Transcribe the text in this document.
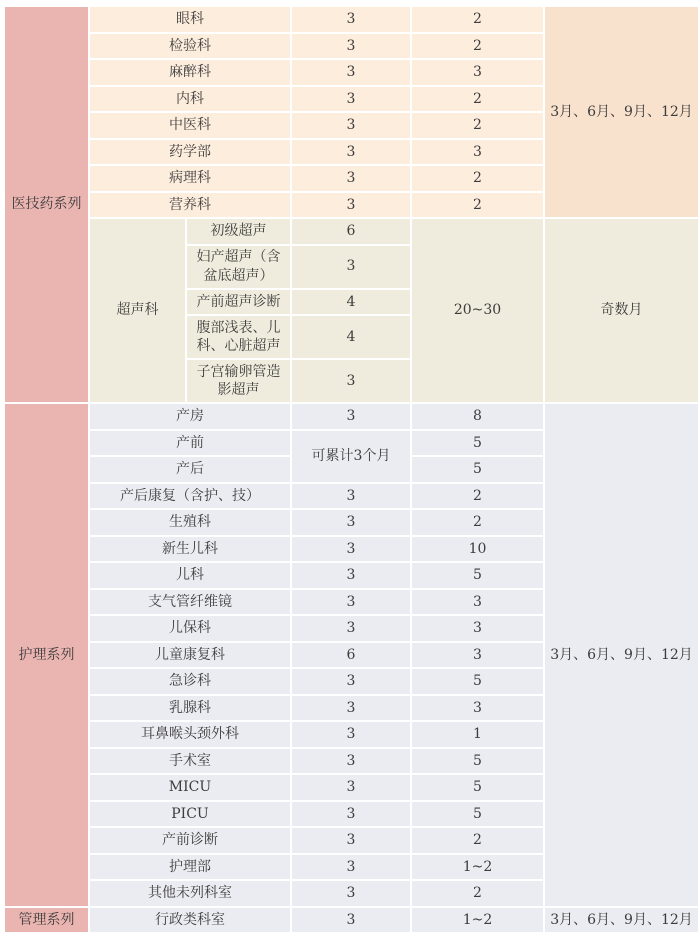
医技药系列	眼科		3	2	3月、6月、9月、12月
	检验科		3	2	
	麻醉科		3	3	
	内科		3	2	
	中医科		3	2	
	药学部		3	3	
	病理科		3	2	
	营养科		3	2	
	超声科	初级超声	6	20~30	奇数月
		妇产超声（含盆底超声）	3		
		产前超声诊断	4		
		腹部浅表、儿科、心脏超声	4		
		子宫输卵管造影超声	3		
护理系列	产房		3	8	3月、6月、9月、12月
	产前		可累计3个月	5	
	产后			5	
	产后康复（含护、技）		3	2	
	生殖科		3	2	
	新生儿科		3	10	
	儿科		3	5	
	支气管纤维镜		3	3	
	儿保科		3	3	
	儿童康复科		6	3	
	急诊科		3	5	
	乳腺科		3	3	
	耳鼻喉头颈外科		3	1	
	手术室		3	5	
	MICU		3	5	
	PICU		3	5	
	产前诊断		3	2	
	护理部		3	1~2	
	其他未列科室		3	2	
管理系列	行政类科室		3	1~2	3月、6月、9月、12月
